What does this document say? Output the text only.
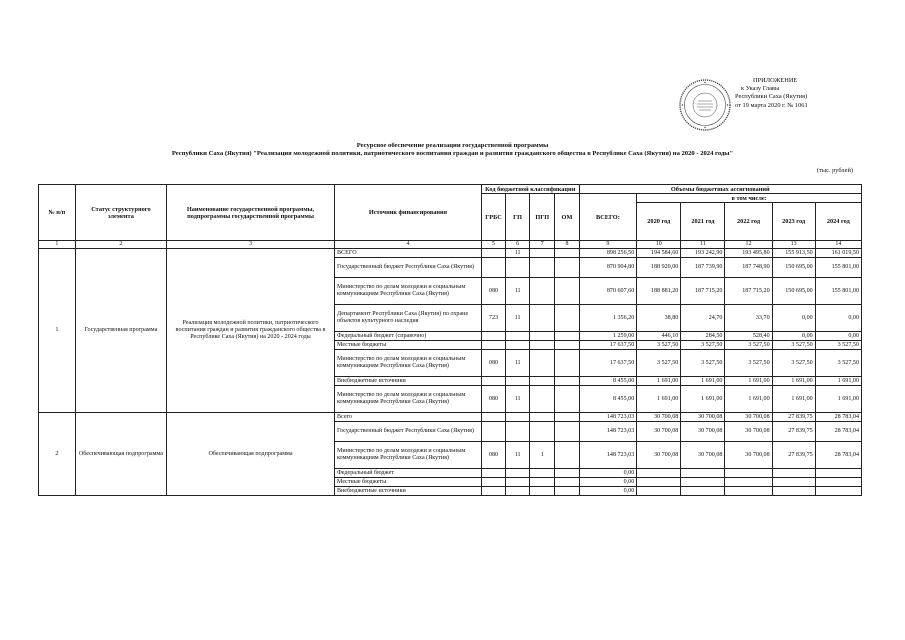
ПРИЛОЖЕНИЕ
к Указу Главы
Республики Саха (Якутия)
от 19 марта 2020 г. № 1061
Ресурсное обеспечение реализации государственной программы
Республики Саха (Якутия) "Реализация молодежной политики, патриотического воспитания граждан и развития гражданского общества в Республике Саха (Якутия) на 2020 - 2024 годы"
(тыс. рублей)
№ п/п	Статус структурного элемента	Наименование государственной программы, подпрограммы государственной программы	Источник финансирования	Код бюджетной классификации				Объемы бюджетных ассигнований					
				ГРБС	ГП	ПГП	ОМ	ВСЕГО:	в том числе:				
									2020 год	2021 год	2022 год	2023 год	2024 год
1	2	3	4	5	6	7	8	9	10	11	12	13	14
1	Государственная программа	Реализация молодежной политики, патриотического воспитания граждан и развития гражданского общества в Республике Саха (Якутия) на 2020 - 2024 годы	ВСЕГО		11			898 256,50	194 584,60	193 242,90	193 495,80	155 913,50	161 019,50
			Государственный бюджет Республики Саха (Якутия)					870 904,80	188 920,00	187 739,90	187 748,90	150 695,00	155 801,00
			Министерство по делам молодежи и социальным коммуникациям Республики Саха (Якутия)	080	11			870 607,60	188 881,20	187 715,20	187 715,20	150 695,00	155 801,00
			Департамент Республики Саха (Якутия) по охране объектов культурного наследия	723	11			1 356,20	38,80	24,70	33,70	0,00	0,00
			Федеральный бюджет (справочно)					1 259,00	446,10	284,50	528,40	0,00	0,00
			Местные бюджеты					17 637,50	3 527,50	3 527,50	3 527,50	3 527,50	3 527,50
			Министерство по делам молодежи и социальным коммуникациям Республики Саха (Якутия)	080	11			17 637,50	3 527,50	3 527,50	3 527,50	3 527,50	3 527,50
			Внебюджетные источники					8 455,00	1 691,00	1 691,00	1 691,00	1 691,00	1 691,00
			Министерство по делам молодежи и социальным коммуникациям Республики Саха (Якутия)	080	11			8 455,00	1 691,00	1 691,00	1 691,00	1 691,00	1 691,00
2	Обеспечивающая подпрограмма	Обеспечивающая подпрограмма	Всего					148 723,03	30 700,08	30 700,08	30 700,08	27 839,75	28 783,04
			Государственный бюджет Республики Саха (Якутия)					148 723,03	30 700,08	30 700,08	30 700,08	27 839,75	28 783,04
			Министерство по делам молодежи и социальным коммуникациям Республики Саха (Якутия)	080	11	1		148 723,03	30 700,08	30 700,08	30 700,08	27 839,75	28 783,04
			Федеральный бюджет					0,00					
			Местные бюджеты					0,00					
			Внебюджетные источники					0,00					
